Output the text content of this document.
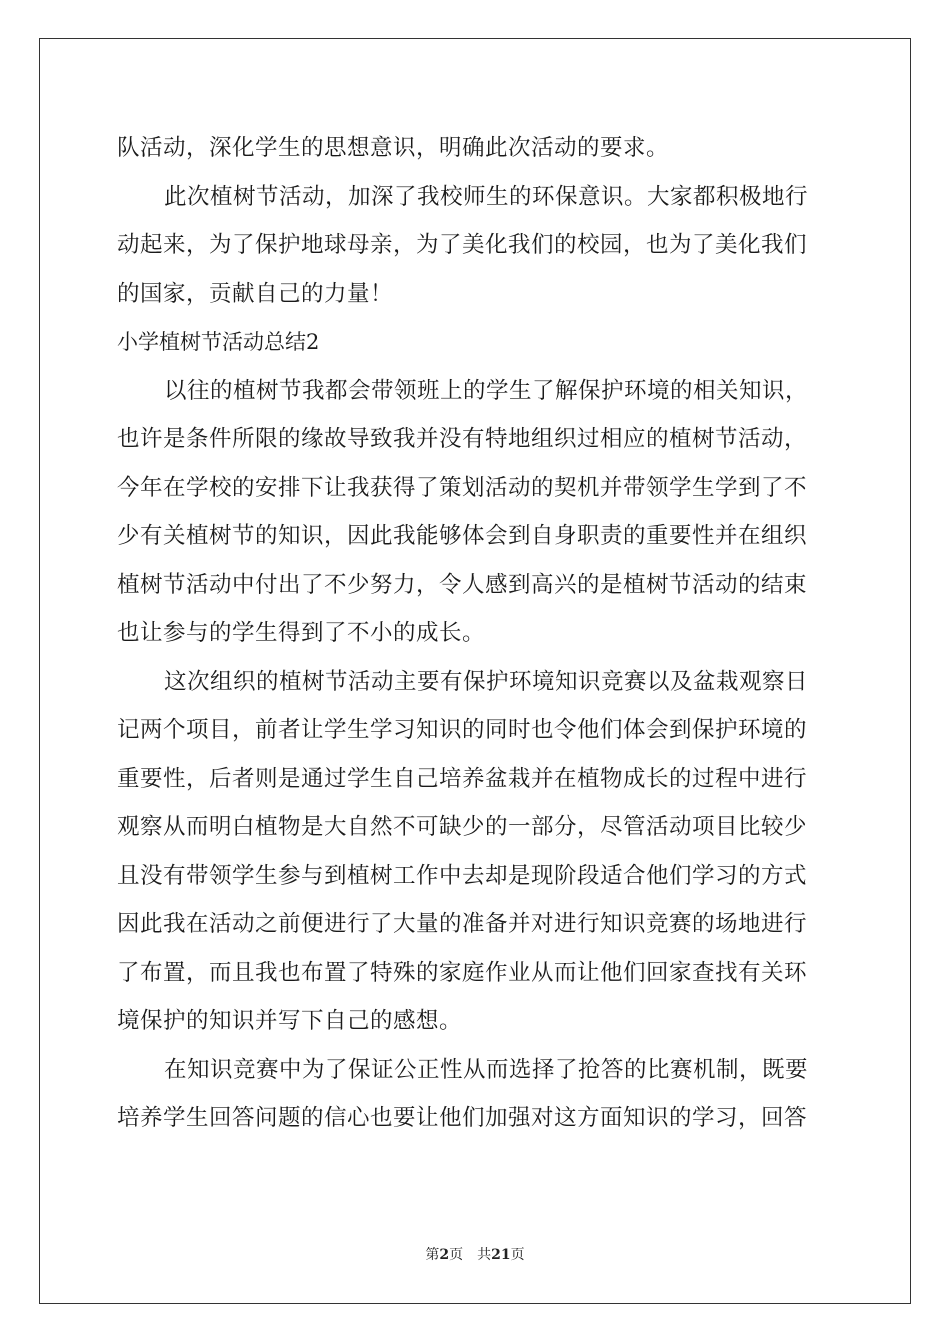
队活动，深化学生的思想意识，明确此次活动的要求。

此次植树节活动，加深了我校师生的环保意识。大家都积极地行

动起来，为了保护地球母亲，为了美化我们的校园，也为了美化我们

的国家，贡献自己的力量！

小学植树节活动总结2

以往的植树节我都会带领班上的学生了解保护环境的相关知识，

也许是条件所限的缘故导致我并没有特地组织过相应的植树节活动，

今年在学校的安排下让我获得了策划活动的契机并带领学生学到了不

少有关植树节的知识，因此我能够体会到自身职责的重要性并在组织

植树节活动中付出了不少努力，令人感到高兴的是植树节活动的结束

也让参与的学生得到了不小的成长。

这次组织的植树节活动主要有保护环境知识竞赛以及盆栽观察日

记两个项目，前者让学生学习知识的同时也令他们体会到保护环境的

重要性，后者则是通过学生自己培养盆栽并在植物成长的过程中进行

观察从而明白植物是大自然不可缺少的一部分，尽管活动项目比较少

且没有带领学生参与到植树工作中去却是现阶段适合他们学习的方式

因此我在活动之前便进行了大量的准备并对进行知识竞赛的场地进行

了布置，而且我也布置了特殊的家庭作业从而让他们回家查找有关环

境保护的知识并写下自己的感想。

在知识竞赛中为了保证公正性从而选择了抢答的比赛机制，既要

培养学生回答问题的信心也要让他们加强对这方面知识的学习，回答

第2页 共21页
